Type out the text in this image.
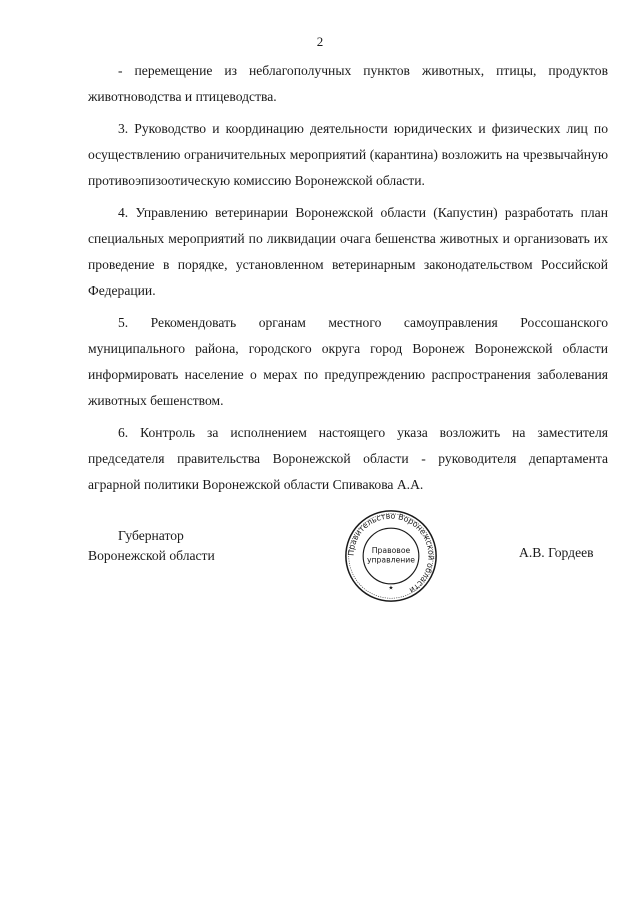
2

- перемещение из неблагополучных пунктов животных, птицы, продуктов животноводства и птицеводства.

3. Руководство и координацию деятельности юридических и физических лиц по осуществлению ограничительных мероприятий (карантина) возложить на чрезвычайную противоэпизоотическую комиссию Воронежской области.

4. Управлению ветеринарии Воронежской области (Капустин) разработать план специальных мероприятий по ликвидации очага бешенства животных и организовать их проведение в порядке, установленном ветеринарным законодательством Российской Федерации.

5. Рекомендовать органам местного самоуправления Россошанского муниципального района, городского округа город Воронеж Воронежской области информировать население о мерах по предупреждению распространения заболевания животных бешенством.

6. Контроль за исполнением настоящего указа возложить на заместителя председателя правительства Воронежской области - руководителя департамента аграрной политики Воронежской области Спивакова А.А.

Губернатор
Воронежской области	Правительство Воронежской области
Правовое
управление
★
А.В. Гордеев
